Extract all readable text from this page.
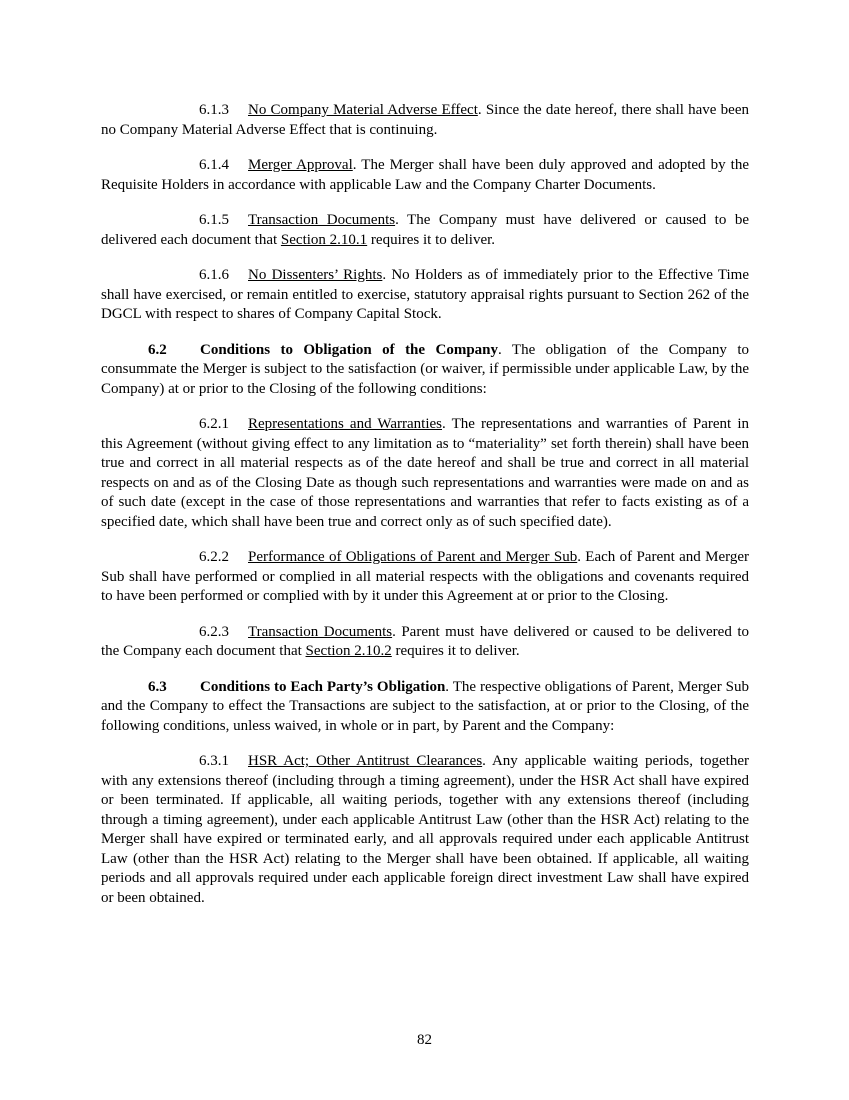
6.1.3 No Company Material Adverse Effect. Since the date hereof, there shall have been no Company Material Adverse Effect that is continuing.

6.1.4 Merger Approval. The Merger shall have been duly approved and adopted by the Requisite Holders in accordance with applicable Law and the Company Charter Documents.

6.1.5 Transaction Documents. The Company must have delivered or caused to be delivered each document that Section 2.10.1 requires it to deliver.

6.1.6 No Dissenters’ Rights. No Holders as of immediately prior to the Effective Time shall have exercised, or remain entitled to exercise, statutory appraisal rights pursuant to Section 262 of the DGCL with respect to shares of Company Capital Stock.

6.2 Conditions to Obligation of the Company. The obligation of the Company to consummate the Merger is subject to the satisfaction (or waiver, if permissible under applicable Law, by the Company) at or prior to the Closing of the following conditions:

6.2.1 Representations and Warranties. The representations and warranties of Parent in this Agreement (without giving effect to any limitation as to “materiality” set forth therein) shall have been true and correct in all material respects as of the date hereof and shall be true and correct in all material respects on and as of the Closing Date as though such representations and warranties were made on and as of such date (except in the case of those representations and warranties that refer to facts existing as of a specified date, which shall have been true and correct only as of such specified date).

6.2.2 Performance of Obligations of Parent and Merger Sub. Each of Parent and Merger Sub shall have performed or complied in all material respects with the obligations and covenants required to have been performed or complied with by it under this Agreement at or prior to the Closing.

6.2.3 Transaction Documents. Parent must have delivered or caused to be delivered to the Company each document that Section 2.10.2 requires it to deliver.

6.3 Conditions to Each Party’s Obligation. The respective obligations of Parent, Merger Sub and the Company to effect the Transactions are subject to the satisfaction, at or prior to the Closing, of the following conditions, unless waived, in whole or in part, by Parent and the Company:

6.3.1 HSR Act; Other Antitrust Clearances. Any applicable waiting periods, together with any extensions thereof (including through a timing agreement), under the HSR Act shall have expired or been terminated. If applicable, all waiting periods, together with any extensions thereof (including through a timing agreement), under each applicable Antitrust Law (other than the HSR Act) relating to the Merger shall have expired or terminated early, and all approvals required under each applicable Antitrust Law (other than the HSR Act) relating to the Merger shall have been obtained. If applicable, all waiting periods and all approvals required under each applicable foreign direct investment Law shall have expired or been obtained.

82
